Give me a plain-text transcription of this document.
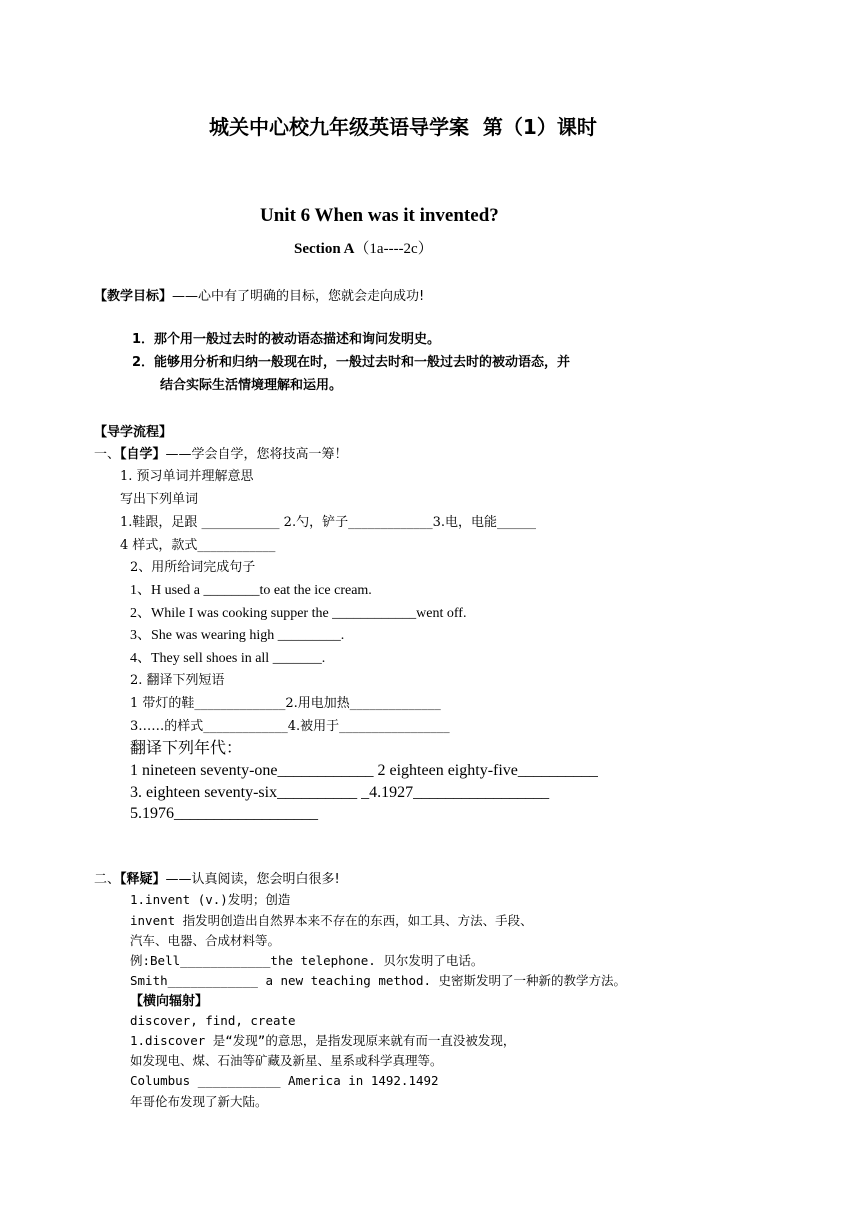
城关中心校九年级英语导学案  第（1）课时
Unit 6 When was it invented?
Section A（1a----2c）
【教学目标】——心中有了明确的目标，您就会走向成功!
1．那个用一般过去时的被动语态描述和询问发明史。
2．能够用分析和归纳一般现在时，一般过去时和一般过去时的被动语态，并
结合实际生活情境理解和运用。
【导学流程】
一、【自学】——学会自学，您将技高一筹！
1. 预习单词并理解意思
写出下列单词
1.鞋跟，足跟 ____________ 2.勺，铲子_____________3.电，电能______
4 样式，款式____________
2、用所给词完成句子
1、H used a ________to eat the ice cream.
2、While I was cooking supper the ____________went off.
3、She was wearing high _________.
4、They sell shoes in all _______.
2. 翻译下列短语
1 带灯的鞋______________2.用电加热______________
3……的样式_____________4.被用于_________________
翻译下列年代：
1 nineteen seventy-one____________ 2 eighteen eighty-five__________
3. eighteen seventy-six__________ _4.1927_________________
5.1976__________________
二、【释疑】——认真阅读，您会明白很多!
1.invent (v.)发明；创造
invent 指发明创造出自然界本来不存在的东西，如工具、方法、手段、
汽车、电器、合成材料等。
例:Bell____________the telephone. 贝尔发明了电话。
Smith____________ a new teaching method. 史密斯发明了一种新的教学方法。
【横向辐射】
discover, find, create
1.discover 是“发现”的意思，是指发现原来就有而一直没被发现，
如发现电、煤、石油等矿藏及新星、星系或科学真理等。
Columbus ___________ America in 1492.1492
年哥伦布发现了新大陆。
